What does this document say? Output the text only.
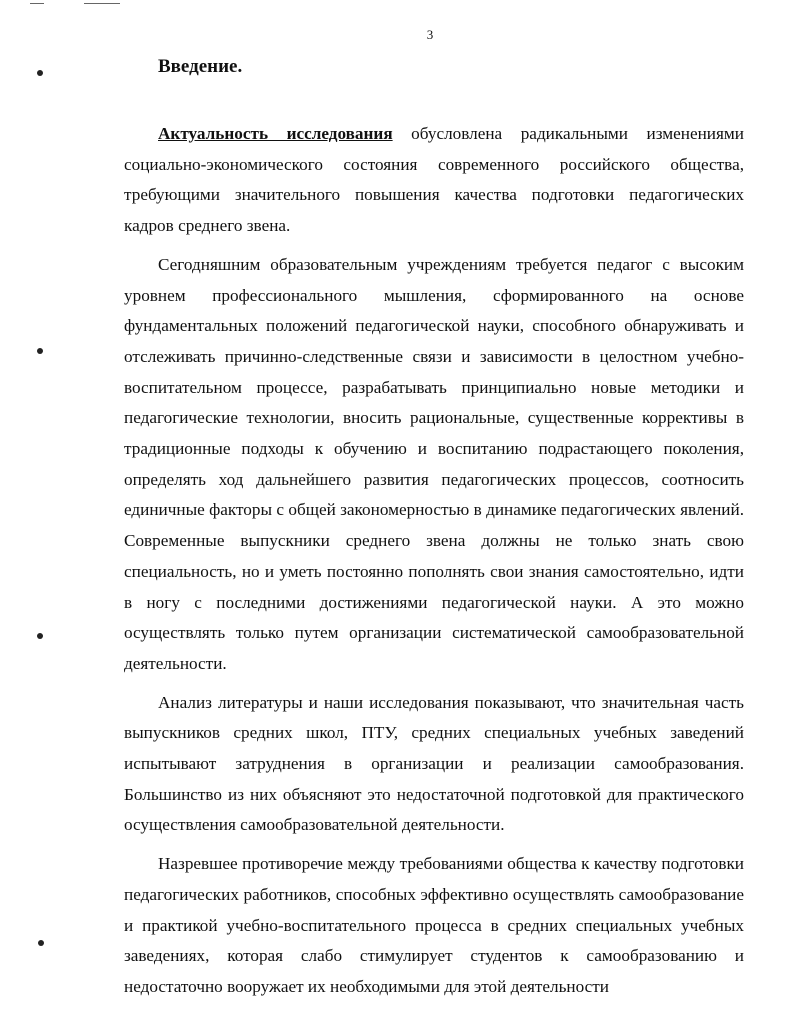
3
Введение.

Актуальность исследования обусловлена радикальными изменениями социально-экономического состояния современного российского общества, требующими значительного повышения качества подготовки педагогических кадров среднего звена.

Сегодняшним образовательным учреждениям требуется педагог с высоким уровнем профессионального мышления, сформированного на основе фундаментальных положений педагогической науки, способного обнаруживать и отслеживать причинно-следственные связи и зависимости в целостном учебно-воспитательном процессе, разрабатывать принципиально новые методики и педагогические технологии, вносить рациональные, существенные коррективы в традиционные подходы к обучению и воспитанию подрастающего поколения, определять ход дальнейшего развития педагогических процессов, соотносить единичные факторы с общей закономерностью в динамике педагогических явлений. Современные выпускники среднего звена должны не только знать свою специальность, но и уметь постоянно пополнять свои знания самостоятельно, идти в ногу с последними достижениями педагогической науки. А это можно осуществлять только путем организации систематической самообразовательной деятельности.

Анализ литературы и наши исследования показывают, что значительная часть выпускников средних школ, ПТУ, средних специальных учебных заведений испытывают затруднения в организации и реализации самообразования. Большинство из них объясняют это недостаточной подготовкой для практического осуществления самообразовательной деятельности.

Назревшее противоречие между требованиями общества к качеству подготовки педагогических работников, способных эффективно осуществлять самообразование и практикой учебно-воспитательного процесса в средних специальных учебных заведениях, которая слабо стимулирует студентов к самообразованию и недостаточно вооружает их необходимыми для этой деятельности
